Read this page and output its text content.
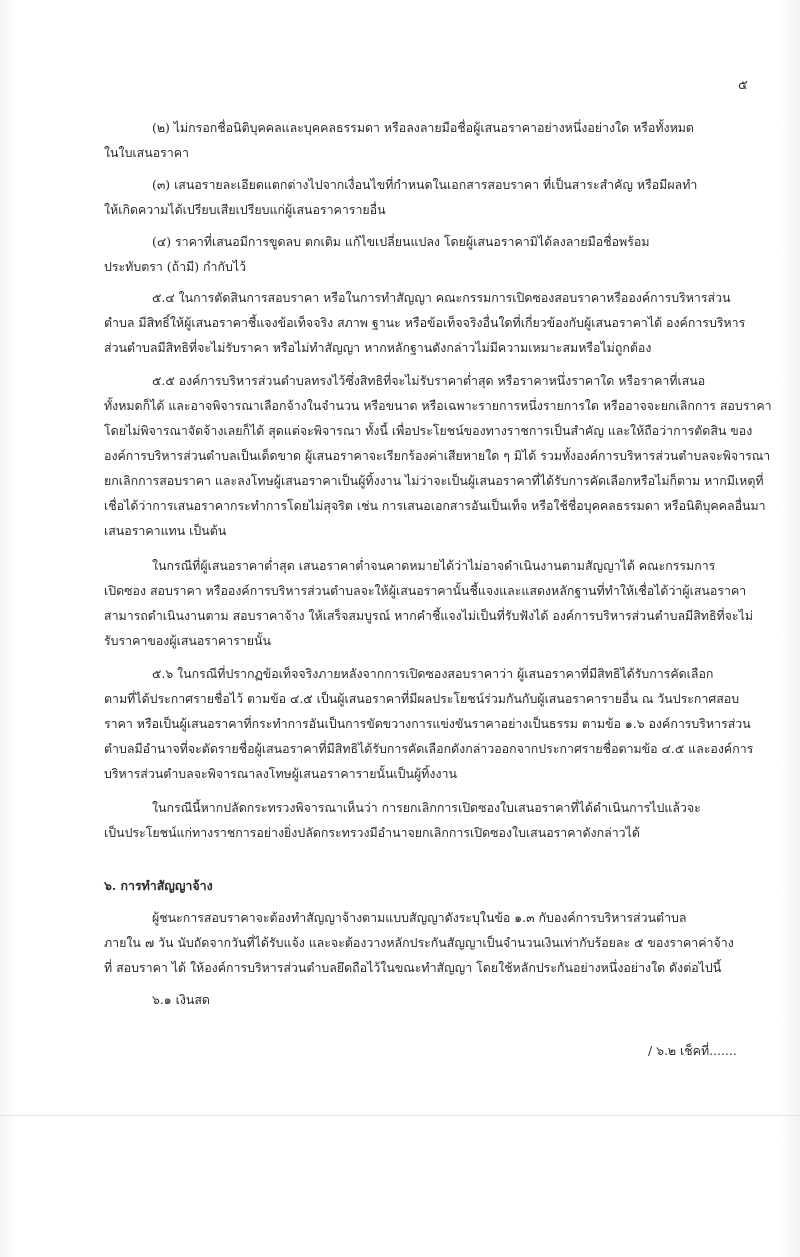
๕

(๒) ไม่กรอกชื่อนิติบุคคลและบุคคลธรรมดา หรือลงลายมือชื่อผู้เสนอราคาอย่างหนึ่งอย่างใด หรือทั้งหมด

ในใบเสนอราคา

(๓) เสนอรายละเอียดแตกต่างไปจากเงื่อนไขที่กำหนดในเอกสารสอบราคา ที่เป็นสาระสำคัญ หรือมีผลทำ

ให้เกิดความได้เปรียบเสียเปรียบแก่ผู้เสนอราคารายอื่น

(๔) ราคาที่เสนอมีการขูดลบ ตกเติม แก้ไขเปลี่ยนแปลง โดยผู้เสนอราคามิได้ลงลายมือชื่อพร้อม

ประทับตรา (ถ้ามี) กำกับไว้

๕.๔ ในการตัดสินการสอบราคา หรือในการทำสัญญา คณะกรรมการเปิดซองสอบราคาหรือองค์การบริหารส่วน

ตำบล มีสิทธิ์ให้ผู้เสนอราคาชี้แจงข้อเท็จจริง สภาพ ฐานะ หรือข้อเท็จจริงอื่นใดที่เกี่ยวข้องกับผู้เสนอราคาได้ องค์การบริหาร

ส่วนตำบลมีสิทธิที่จะไม่รับราคา หรือไม่ทำสัญญา หากหลักฐานดังกล่าวไม่มีความเหมาะสมหรือไม่ถูกต้อง

๕.๕ องค์การบริหารส่วนตำบลทรงไว้ซึ่งสิทธิที่จะไม่รับราคาต่ำสุด หรือราคาหนึ่งราคาใด หรือราคาที่เสนอ

ทั้งหมดก็ได้ และอาจพิจารณาเลือกจ้างในจำนวน หรือขนาด หรือเฉพาะรายการหนึ่งรายการใด หรืออาจจะยกเลิกการ สอบราคา

โดยไม่พิจารณาจัดจ้างเลยก็ได้ สุดแต่จะพิจารณา ทั้งนี้ เพื่อประโยชน์ของทางราชการเป็นสำคัญ และให้ถือว่าการตัดสิน ของ

องค์การบริหารส่วนตำบลเป็นเด็ดขาด ผู้เสนอราคาจะเรียกร้องค่าเสียหายใด ๆ มิได้ รวมทั้งองค์การบริหารส่วนตำบลจะพิจารณา

ยกเลิกการสอบราคา และลงโทษผู้เสนอราคาเป็นผู้ทิ้งงาน ไม่ว่าจะเป็นผู้เสนอราคาที่ได้รับการคัดเลือกหรือไม่ก็ตาม หากมีเหตุที่

เชื่อได้ว่าการเสนอราคากระทำการโดยไม่สุจริต เช่น การเสนอเอกสารอันเป็นเท็จ หรือใช้ชื่อบุคคลธรรมดา หรือนิติบุคคลอื่นมา

เสนอราคาแทน เป็นต้น

ในกรณีที่ผู้เสนอราคาต่ำสุด เสนอราคาต่ำจนคาดหมายได้ว่าไม่อาจดำเนินงานตามสัญญาได้ คณะกรรมการ

เปิดซอง สอบราคา หรือองค์การบริหารส่วนตำบลจะให้ผู้เสนอราคานั้นชี้แจงและแสดงหลักฐานที่ทำให้เชื่อได้ว่าผู้เสนอราคา

สามารถดำเนินงานตาม สอบราคาจ้าง ให้เสร็จสมบูรณ์ หากคำชี้แจงไม่เป็นที่รับฟังได้ องค์การบริหารส่วนตำบลมีสิทธิที่จะไม่

รับราคาของผู้เสนอราคารายนั้น

๕.๖ ในกรณีที่ปรากฏข้อเท็จจริงภายหลังจากการเปิดซองสอบราคาว่า ผู้เสนอราคาที่มีสิทธิได้รับการคัดเลือก

ตามที่ได้ประกาศรายชื่อไว้ ตามข้อ ๔.๕ เป็นผู้เสนอราคาที่มีผลประโยชน์ร่วมกันกับผู้เสนอราคารายอื่น ณ วันประกาศสอบ

ราคา หรือเป็นผู้เสนอราคาที่กระทำการอันเป็นการขัดขวางการแข่งขันราคาอย่างเป็นธรรม ตามข้อ ๑.๖ องค์การบริหารส่วน

ตำบลมีอำนาจที่จะตัดรายชื่อผู้เสนอราคาที่มีสิทธิได้รับการคัดเลือกดังกล่าวออกจากประกาศรายชื่อตามข้อ ๔.๕ และองค์การ

บริหารส่วนตำบลจะพิจารณาลงโทษผู้เสนอราคารายนั้นเป็นผู้ทิ้งงาน

ในกรณีนี้หากปลัดกระทรวงพิจารณาเห็นว่า การยกเลิกการเปิดซองใบเสนอราคาที่ได้ดำเนินการไปแล้วจะ

เป็นประโยชน์แก่ทางราชการอย่างยิ่งปลัดกระทรวงมีอำนาจยกเลิกการเปิดซองใบเสนอราคาดังกล่าวได้

๖. การทำสัญญาจ้าง

ผู้ชนะการสอบราคาจะต้องทำสัญญาจ้างตามแบบสัญญาดังระบุในข้อ ๑.๓ กับองค์การบริหารส่วนตำบล

ภายใน ๗ วัน นับถัดจากวันที่ได้รับแจ้ง และจะต้องวางหลักประกันสัญญาเป็นจำนวนเงินเท่ากับร้อยละ ๕ ของราคาค่าจ้าง

ที่ สอบราคา ได้ ให้องค์การบริหารส่วนตำบลยึดถือไว้ในขณะทำสัญญา โดยใช้หลักประกันอย่างหนึ่งอย่างใด ดังต่อไปนี้

๖.๑ เงินสด

/ ๖.๒ เช็คที่.......
